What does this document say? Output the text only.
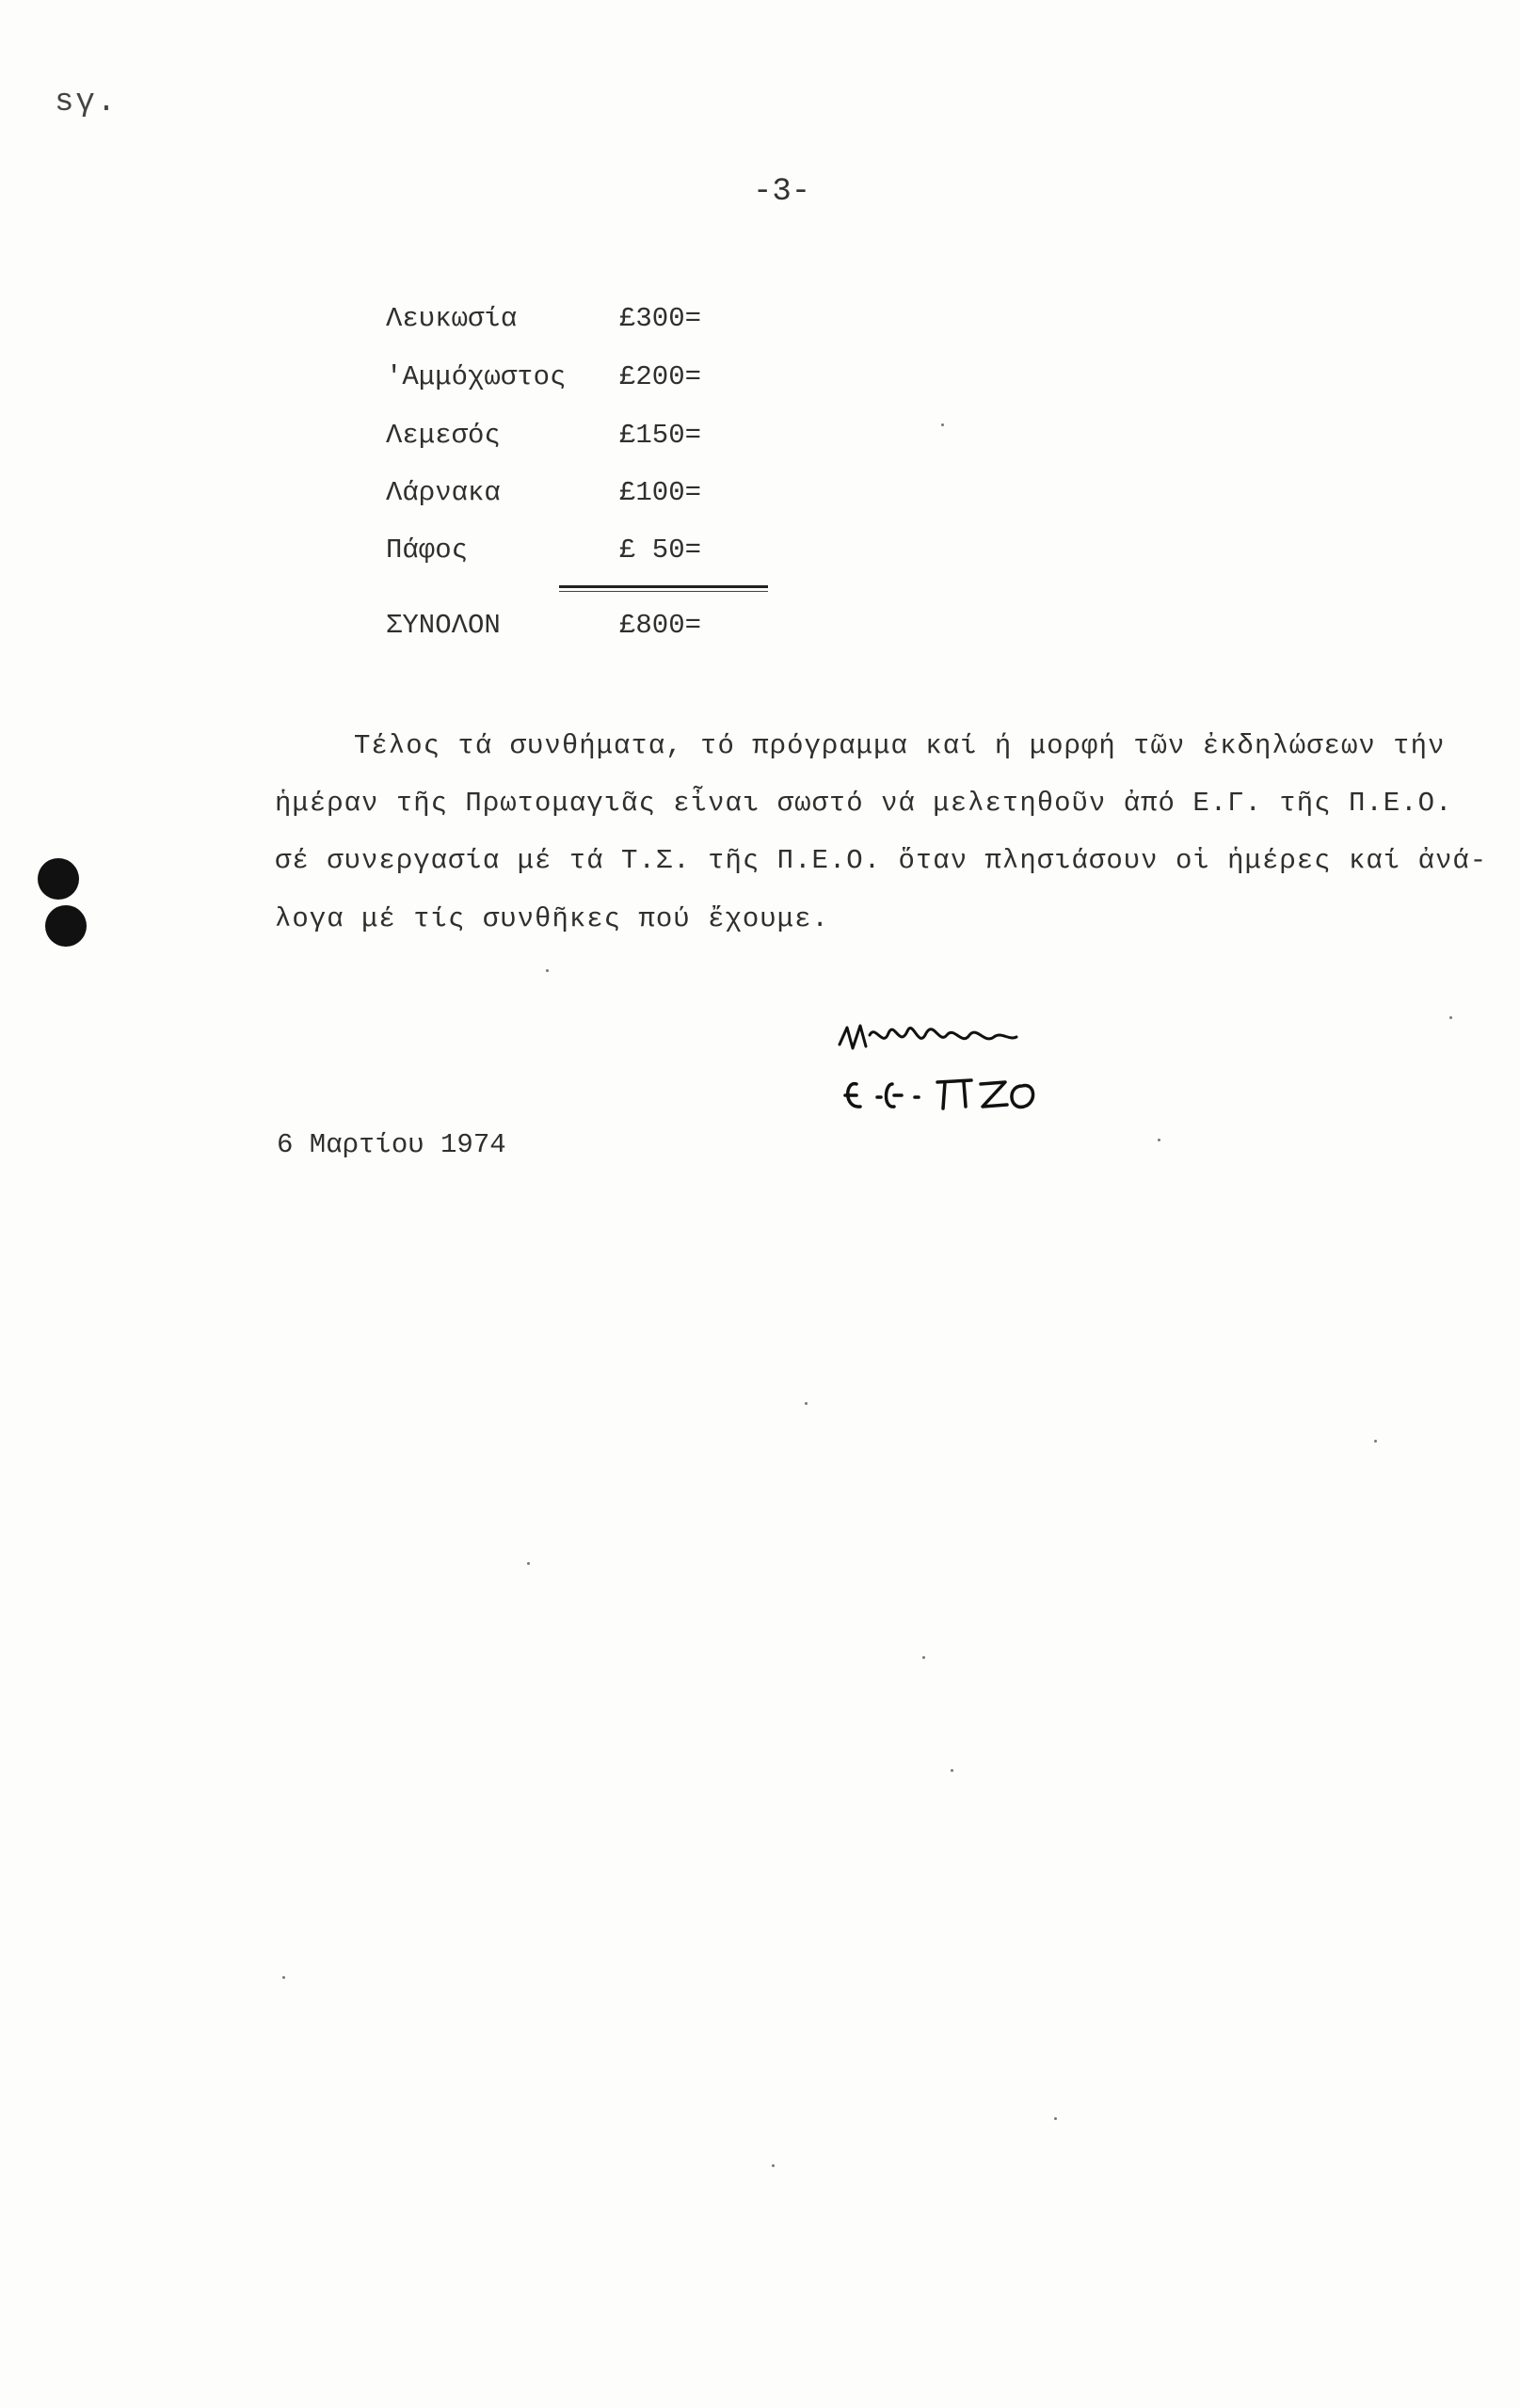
sγ.
-3-
Λευκωσία	£300=
'Αμμόχωστος £200=
Λεμεσός	£150=
Λάρνακα	£100=
Πάφος	£ 50=
ΣΥΝΟΛΟΝ	£800=
Τέλος τά συνθήματα, τό πρόγραμμα καί ή μορφή τῶν ἐκδηλώσεων τήν
ἡμέραν τῆς Πρωτομαγιᾶς εἶναι σωστό νά μελετηθοῦν ἀπό Ε.Γ. τῆς Π.Ε.Ο.
σέ συνεργασία μέ τά Τ.Σ. τῆς Π.Ε.Ο. ὅταν πλησιάσουν οἱ ἡμέρες καί ἀνά-
λογα μέ τίς συνθῆκες πού ἔχουμε.
6 Μαρτίου 1974
